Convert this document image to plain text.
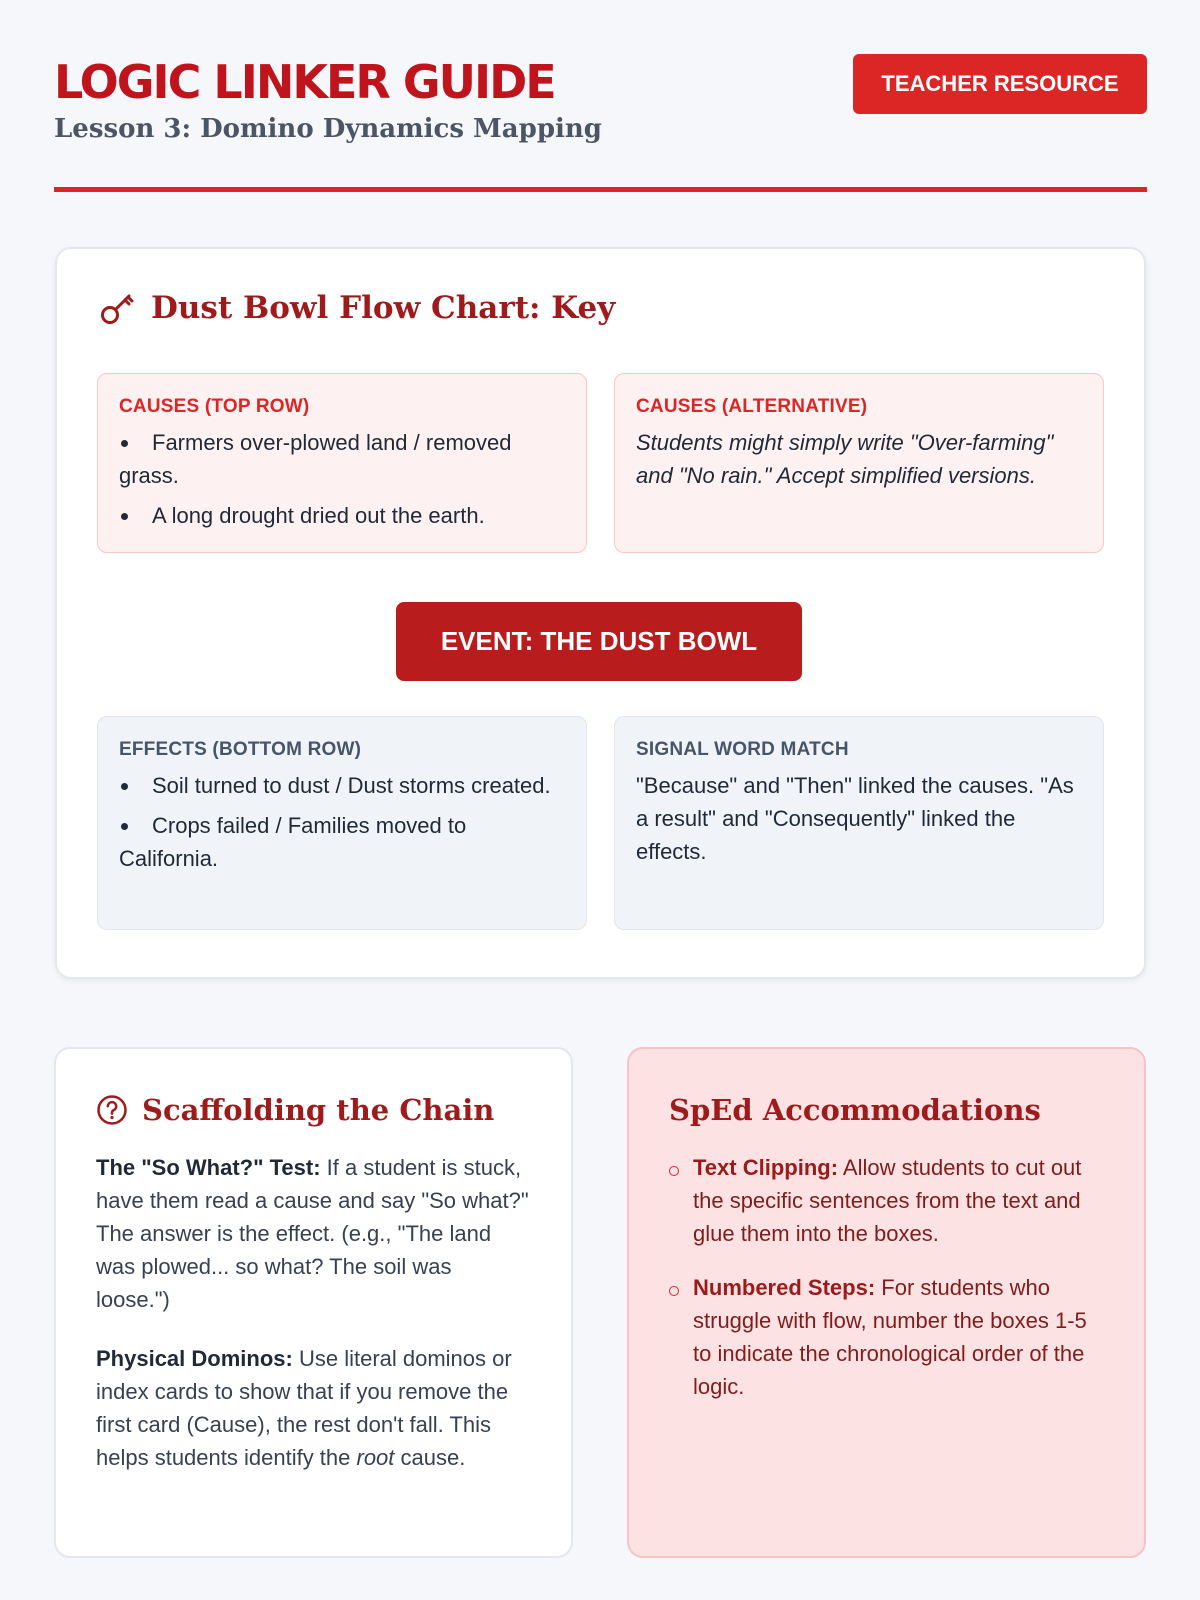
LOGIC LINKER GUIDE
Lesson 3: Domino Dynamics Mapping
TEACHER RESOURCE
Dust Bowl Flow Chart: Key
CAUSES (TOP ROW)
Farmers over-plowed land / removed grass.
A long drought dried out the earth.
CAUSES (ALTERNATIVE)

Students might simply write "Over-farming" and "No rain." Accept simplified versions.

EVENT: THE DUST BOWL
EFFECTS (BOTTOM ROW)
Soil turned to dust / Dust storms created.
Crops failed / Families moved to California.
SIGNAL WORD MATCH

"Because" and "Then" linked the causes. "As a result" and "Consequently" linked the effects.

Scaffolding the Chain

The "So What?" Test: If a student is stuck, have them read a cause and say "So what?" The answer is the effect. (e.g., "The land was plowed... so what? The soil was loose.")

Physical Dominos: Use literal dominos or index cards to show that if you remove the first card (Cause), the rest don't fall. This helps students identify the root cause.

SpEd Accommodations
Text Clipping: Allow students to cut out the specific sentences from the text and glue them into the boxes.
Numbered Steps: For students who struggle with flow, number the boxes 1-5 to indicate the chronological order of the logic.
